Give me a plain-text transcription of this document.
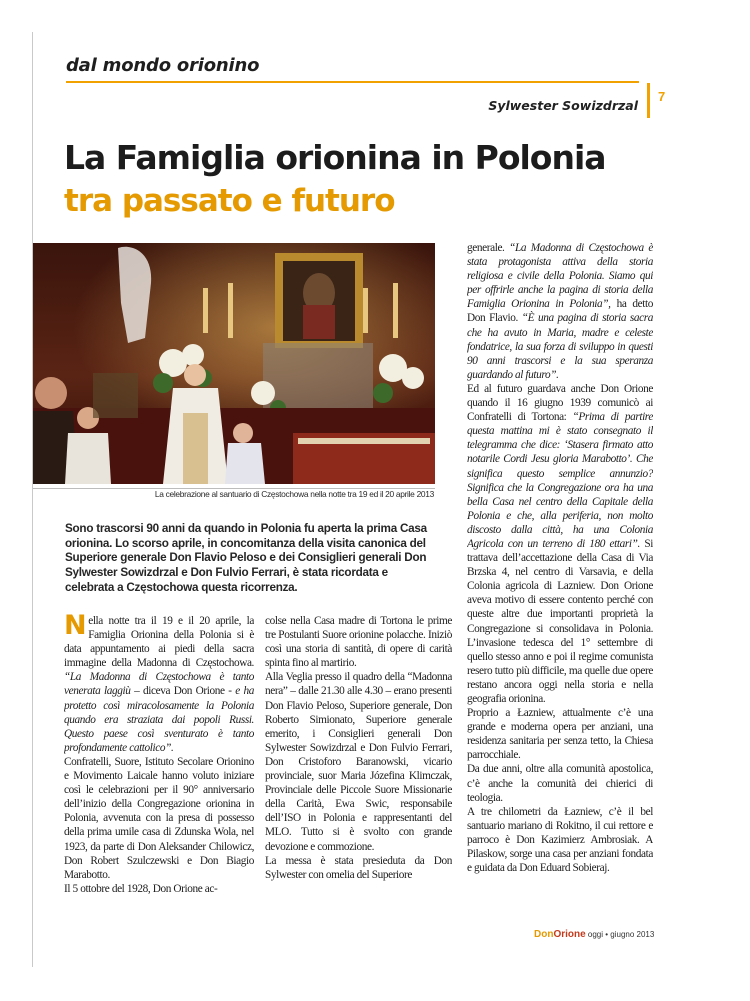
dal mondo orionino
Sylwester Sowizdrzal
7
La Famiglia orionina in Polonia
tra passato e futuro
La celebrazione al santuario di Częstochowa nella notte tra 19 ed il 20 aprile 2013

Sono trascorsi 90 anni da quando in Polonia fu aperta la prima Casa orionina. Lo scorso aprile, in concomitanza della visita canonica del Superiore generale Don Flavio Peloso e dei Consiglieri generali Don Sylwester Sowizdrzal e Don Fulvio Ferrari, è stata ricordata e celebrata a Częstochowa questa ricorrenza.

Nella notte tra il 19 e il 20 aprile, la Famiglia Orionina della Polonia si è data appuntamento ai piedi della sacra immagine della Madonna di Częstochowa. “La Madonna di Częstochowa è tanto venerata laggiù – diceva Don Orione - e ha protetto così miracolosamente la Polonia quando era straziata dai popoli Russi. Questo paese così sventurato è tanto profondamente cattolico”.

Confratelli, Suore, Istituto Secolare Orionino e Movimento Laicale hanno voluto iniziare così le celebrazioni per il 90° anniversario dell’inizio della Congregazione orionina in Polonia, avvenuta con la presa di possesso della prima umile casa di Zdunska Wola, nel 1923, da parte di Don Aleksander Chilowicz, Don Robert Szulczewski e Don Biagio Marabotto.

Il 5 ottobre del 1928, Don Orione ac-

colse nella Casa madre di Tortona le prime tre Postulanti Suore orionine polacche. Iniziò così una storia di santità, di opere di carità spinta fino al martirio.

Alla Veglia presso il quadro della “Madonna nera” – dalle 21.30 alle 4.30 – erano presenti Don Flavio Peloso, Superiore generale, Don Roberto Simionato, Superiore generale emerito, i Consiglieri generali Don Sylwester Sowizdrzal e Don Fulvio Ferrari, Don Cristoforo Baranowski, vicario provinciale, suor Maria Józefina Klimczak, Provinciale delle Piccole Suore Missionarie della Carità, Ewa Swic, responsabile dell’ISO in Polonia e rappresentanti del MLO. Tutto si è svolto con grande devozione e commozione.

La messa è stata presieduta da Don Sylwester con omelia del Superiore

generale. “La Madonna di Częstochowa è stata protagonista attiva della storia religiosa e civile della Polonia. Siamo qui per offrirle anche la pagina di storia della Famiglia Orionina in Polonia”, ha detto Don Flavio. “È una pagina di storia sacra che ha avuto in Maria, madre e celeste fondatrice, la sua forza di sviluppo in questi 90 anni trascorsi e la sua speranza guardando al futuro”.

Ed al futuro guardava anche Don Orione quando il 16 giugno 1939 comunicò ai Confratelli di Tortona: “Prima di partire questa mattina mi è stato consegnato il telegramma che dice: ‘Stasera firmato atto notarile Cordi Jesu gloria Marabotto’. Che significa questo semplice annunzio? Significa che la Congregazione ora ha una bella Casa nel centro della Capitale della Polonia e che, alla periferia, non molto discosto dalla città, ha una Colonia Agricola con un terreno di 180 ettari”. Si trattava dell’accettazione della Casa di Via Brzska 4, nel centro di Varsavia, e della Colonia agricola di Lazniew. Don Orione aveva motivo di essere contento perché con queste altre due importanti proprietà la Congregazione si consolidava in Polonia. L’invasione tedesca del 1° settembre di quello stesso anno e poi il regime comunista resero tutto più difficile, ma quelle due opere restano ancora oggi nella storia e nella geografia orionina.

Proprio a Łazniew, attualmente c’è una grande e moderna opera per anziani, una residenza sanitaria per senza tetto, la Chiesa parrocchiale.

Da due anni, oltre alla comunità apostolica, c’è anche la comunità dei chierici di teologia.

A tre chilometri da Łazniew, c’è il bel santuario mariano di Rokitno, il cui rettore e parroco è Don Kazimierz Ambrosiak. A Pilaskow, sorge una casa per anziani fondata e guidata da Don Eduard Sobieraj.

DonOrione oggi • giugno 2013
